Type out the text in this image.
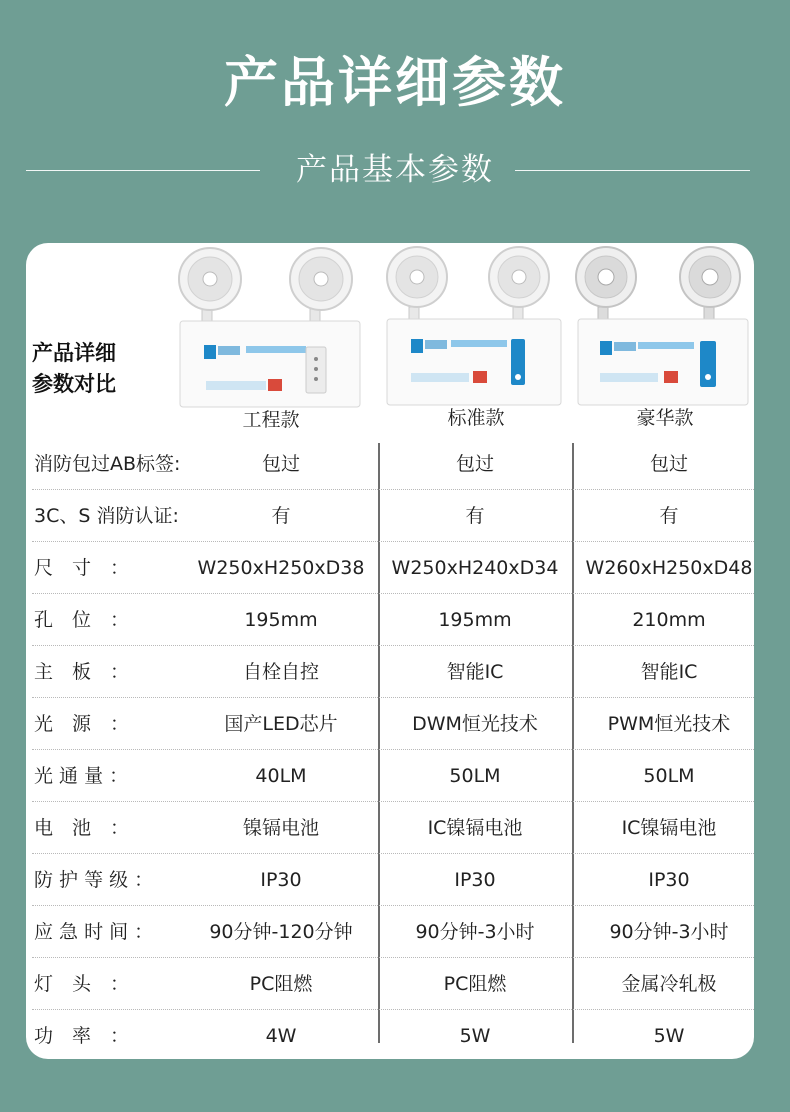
产品详细参数
产品基本参数
产品详细
参数对比
工程款	标准款	豪华款
消防包过AB标签:	包过	包过	包过
3C、S 消防认证:	有	有	有
尺　寸　：	W250xH250xD38	W250xH240xD34	W260xH250xD48
孔　位　：	195mm	195mm	210mm
主　板　：	自栓自控	智能IC	智能IC
光　源　：	国产LED芯片	DWM恒光技术	PWM恒光技术
光 通 量 ：	40LM	50LM	50LM
电　池　：	镍镉电池	IC镍镉电池	IC镍镉电池
防 护 等 级 ：	IP30	IP30	IP30
应 急 时 间 ：	90分钟-120分钟	90分钟-3小时	90分钟-3小时
灯　头　：	PC阻燃	PC阻燃	金属冷轧极
功　率　：	4W	5W	5W
